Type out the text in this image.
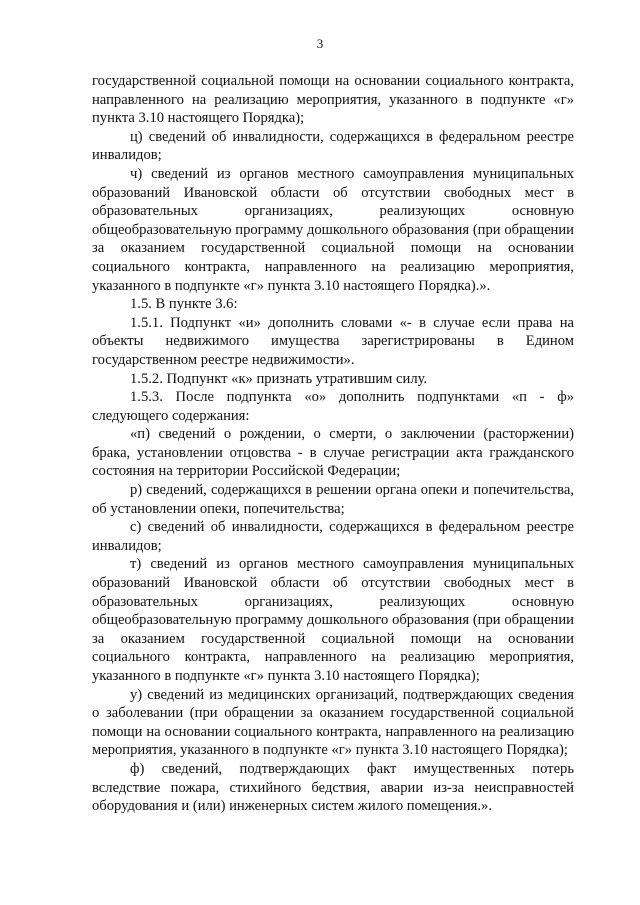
3

государственной социальной помощи на основании социального контракта, направленного на реализацию мероприятия, указанного в подпункте «г» пункта 3.10 настоящего Порядка);

ц) сведений об инвалидности, содержащихся в федеральном реестре инвалидов;

ч) сведений из органов местного самоуправления муниципальных образований Ивановской области об отсутствии свободных мест в образовательных организациях, реализующих основную общеобразовательную программу дошкольного образования (при обращении за оказанием государственной социальной помощи на основании социального контракта, направленного на реализацию мероприятия, указанного в подпункте «г» пункта 3.10 настоящего Порядка).».

1.5. В пункте 3.6:

1.5.1. Подпункт «и» дополнить словами «- в случае если права на объекты недвижимого имущества зарегистрированы в Едином государственном реестре недвижимости».

1.5.2. Подпункт «к» признать утратившим силу.

1.5.3. После подпункта «о» дополнить подпунктами «п - ф» следующего содержания:

«п) сведений о рождении, о смерти, о заключении (расторжении) брака, установлении отцовства - в случае регистрации акта гражданского состояния на территории Российской Федерации;

р) сведений, содержащихся в решении органа опеки и попечительства, об установлении опеки, попечительства;

с) сведений об инвалидности, содержащихся в федеральном реестре инвалидов;

т) сведений из органов местного самоуправления муниципальных образований Ивановской области об отсутствии свободных мест в образовательных организациях, реализующих основную общеобразовательную программу дошкольного образования (при обращении за оказанием государственной социальной помощи на основании социального контракта, направленного на реализацию мероприятия, указанного в подпункте «г» пункта 3.10 настоящего Порядка);

у) сведений из медицинских организаций, подтверждающих сведения о заболевании (при обращении за оказанием государственной социальной помощи на основании социального контракта, направленного на реализацию мероприятия, указанного в подпункте «г» пункта 3.10 настоящего Порядка);

ф) сведений, подтверждающих факт имущественных потерь вследствие пожара, стихийного бедствия, аварии из-за неисправностей оборудования и (или) инженерных систем жилого помещения.».
